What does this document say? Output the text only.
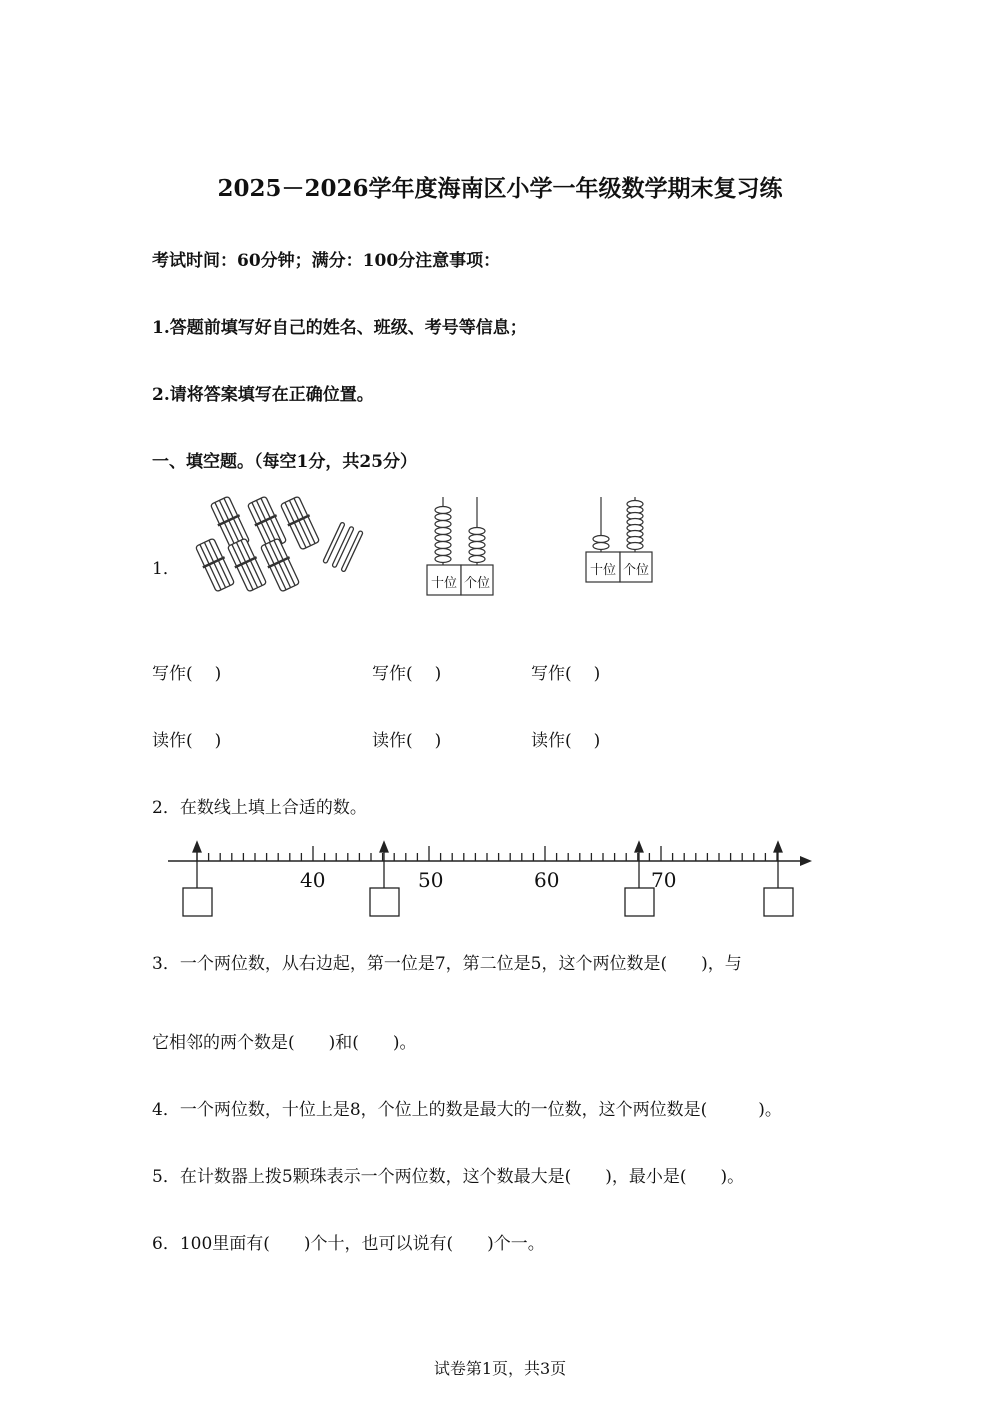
2025－2026学年度海南区小学一年级数学期末复习练
考试时间：60分钟；满分：100分注意事项：
1.答题前填写好自己的姓名、班级、考号等信息；
2.请将答案填写在正确位置。
一、填空题。（每空1分，共25分）
1．
十位 个位
十位 个位
写作( )	写作( )	写作( )
读作( )	读作( )	读作( )
2．在数线上填上合适的数。
40	50	60	70
3．一个两位数，从右边起，第一位是7，第二位是5，这个两位数是(　　)，与
它相邻的两个数是(　　)和(　　)。
4．一个两位数，十位上是8，个位上的数是最大的一位数，这个两位数是(　　　)。
5．在计数器上拨5颗珠表示一个两位数，这个数最大是(　　)，最小是(　　)。
6．100里面有(　　)个十，也可以说有(　　)个一。
试卷第1页，共3页
